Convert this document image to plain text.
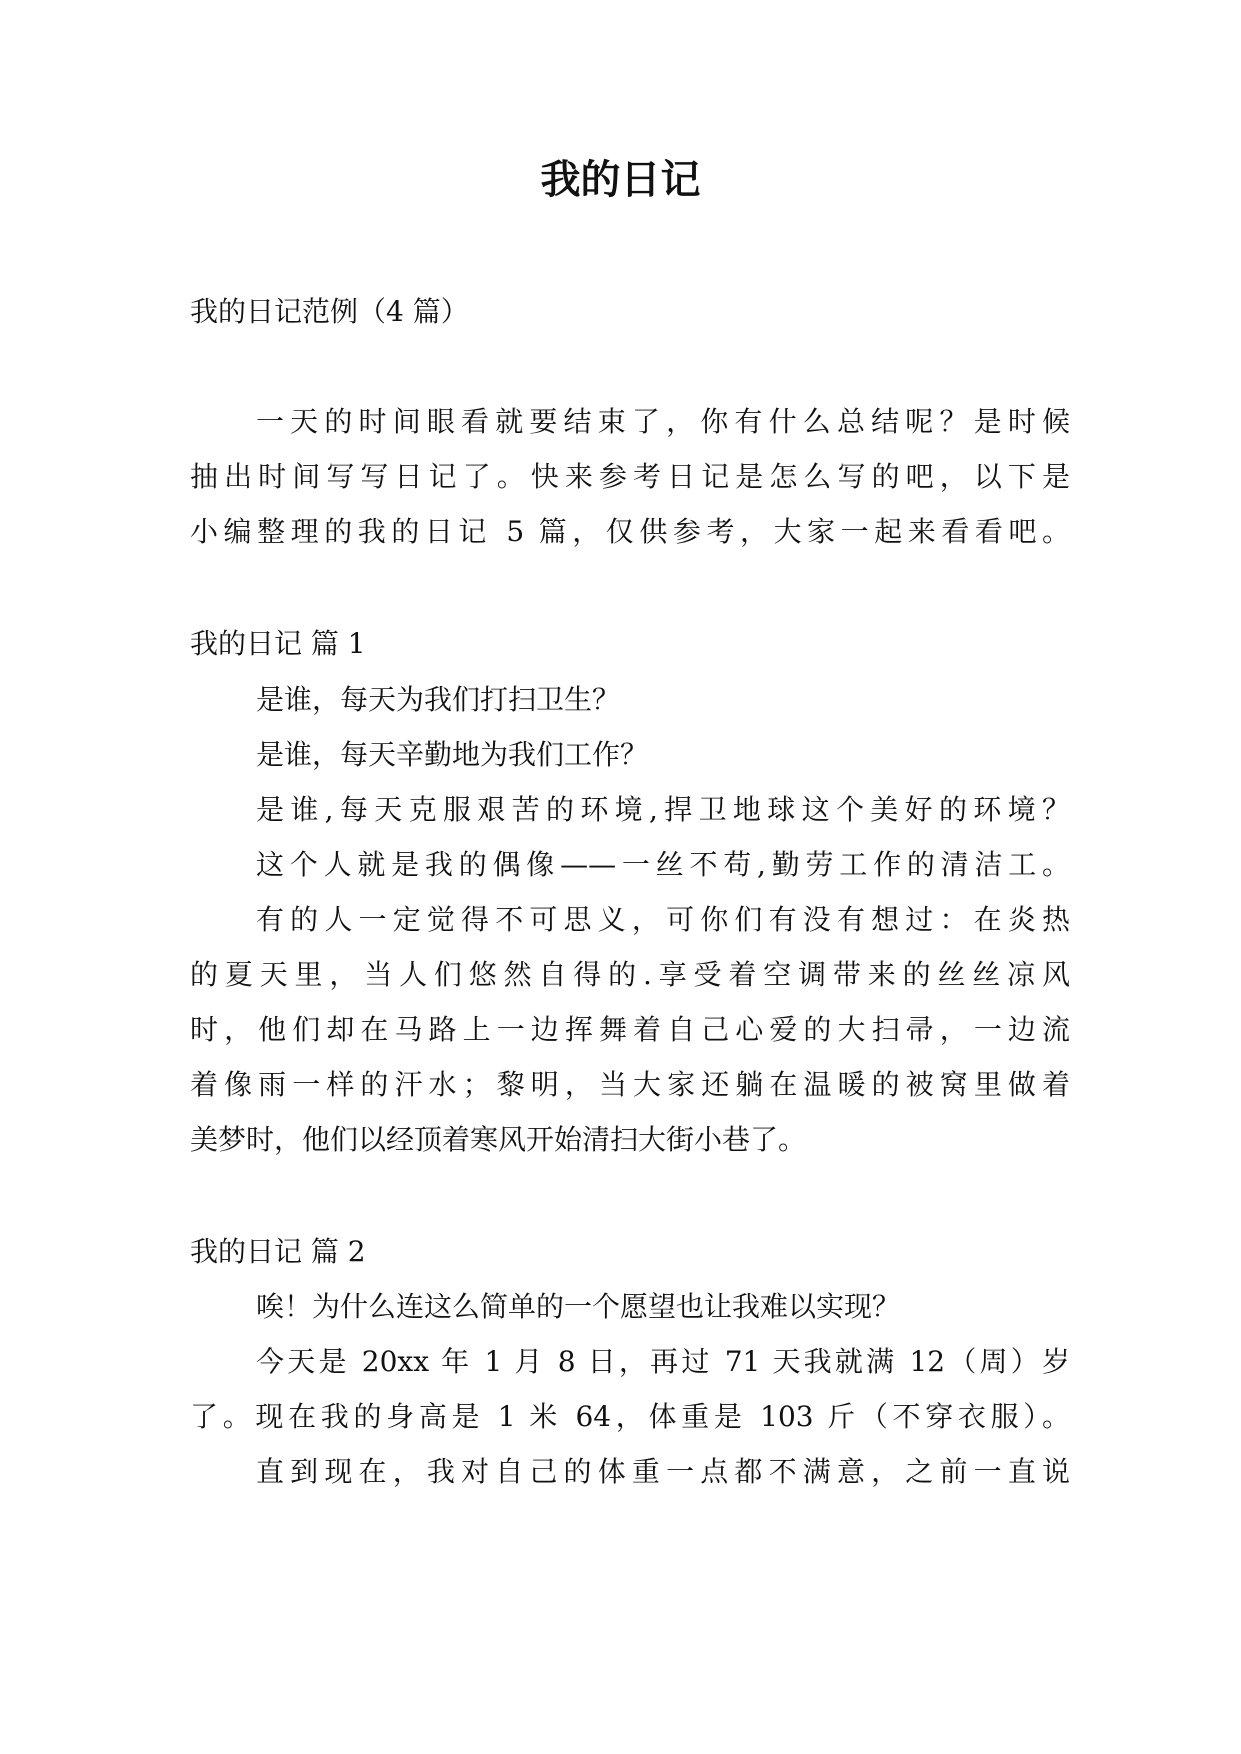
我的日记

我的日记范例（4 篇）

一天的时间眼看就要结束了，你有什么总结呢？是时候

抽出时间写写日记了。快来参考日记是怎么写的吧，以下是

小编整理的我的日记 5 篇，仅供参考，大家一起来看看吧。

我的日记 篇 1

是谁，每天为我们打扫卫生？

是谁，每天辛勤地为我们工作？

是谁,每天克服艰苦的环境,捍卫地球这个美好的环境？

这个人就是我的偶像——一丝不苟,勤劳工作的清洁工。

有的人一定觉得不可思义，可你们有没有想过：在炎热

的夏天里，当人们悠然自得的.享受着空调带来的丝丝凉风

时，他们却在马路上一边挥舞着自己心爱的大扫帚，一边流

着像雨一样的汗水；黎明，当大家还躺在温暖的被窝里做着

美梦时，他们以经顶着寒风开始清扫大街小巷了。

我的日记 篇 2

唉！为什么连这么简单的一个愿望也让我难以实现？

今天是 20xx 年 1 月 8 日，再过 71 天我就满 12（周）岁

了。现在我的身高是 1 米 64，体重是 103 斤（不穿衣服）。

直到现在，我对自己的体重一点都不满意，之前一直说
